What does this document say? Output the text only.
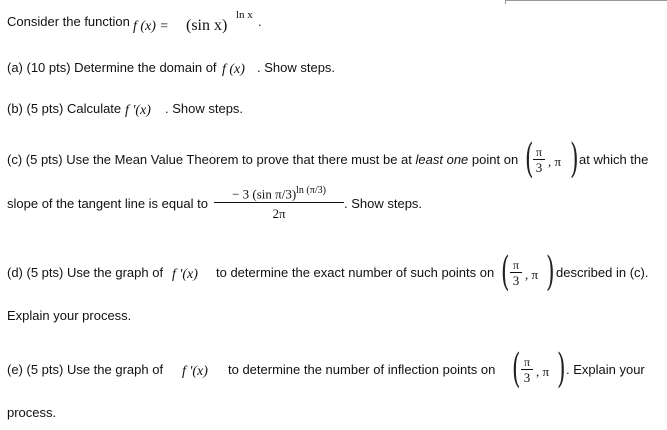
Consider the function f (x) = (sin x)
ln x .
(a) (10 pts) Determine the domain of f (x) . Show steps.
(b) (5 pts) Calculate f '(x) . Show steps.
(c) (5 pts) Use the Mean Value Theorem to prove that there must be at least one point on ( π
3 , π ) at which the
slope of the tangent line is equal to
− 3 (sin π/3)$^{ln (\pi/3)}$
2π
. Show steps.
(d) (5 pts) Use the graph of f '(x) to determine the exact number of such points on ( π
3 , π ) described in (c).
Explain your process.
(e) (5 pts) Use the graph of f '(x) to determine the number of inflection points on ( π
3 , π ) . Explain your
process.
